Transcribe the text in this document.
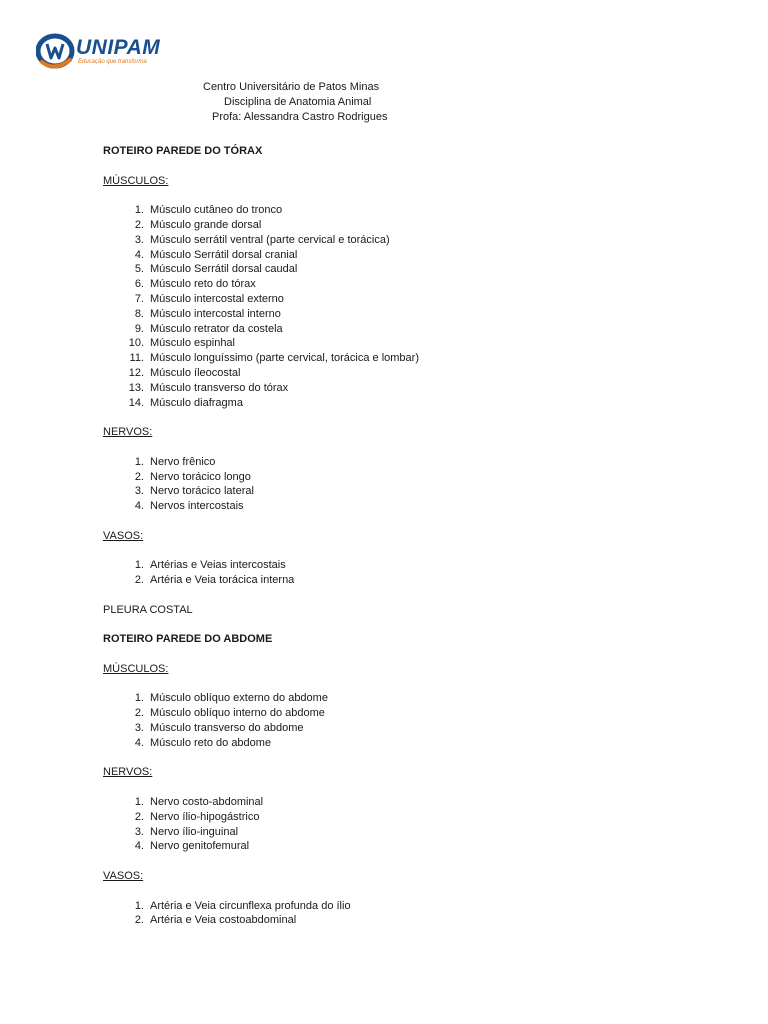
UNIPAM
Educação que transforma
Centro Universitário de Patos Minas
Disciplina de Anatomia Animal
Profa: Alessandra Castro Rodrigues
ROTEIRO PAREDE DO TÓRAX
MÚSCULOS:
1. Músculo cutâneo do tronco
2. Músculo grande dorsal
3. Músculo serrátil ventral (parte cervical e torácica)
4. Músculo Serrátil dorsal cranial
5. Músculo Serrátil dorsal caudal
6. Músculo reto do tórax
7. Músculo intercostal externo
8. Músculo intercostal interno
9. Músculo retrator da costela
10. Músculo espinhal
11. Músculo longuíssimo (parte cervical, torácica e lombar)
12. Músculo íleocostal
13. Músculo transverso do tórax
14. Músculo diafragma
NERVOS:
1. Nervo frênico
2. Nervo torácico longo
3. Nervo torácico lateral
4. Nervos intercostais
VASOS:
1. Artérias e Veias intercostais
2. Artéria e Veia torácica interna
PLEURA COSTAL
ROTEIRO PAREDE DO ABDOME
MÚSCULOS:
1. Músculo oblíquo externo do abdome
2. Músculo oblíquo interno do abdome
3. Músculo transverso do abdome
4. Músculo reto do abdome
NERVOS:
1. Nervo costo-abdominal
2. Nervo ílio-hipogástrico
3. Nervo ílio-inguinal
4. Nervo genitofemural
VASOS:
1. Artéria e Veia circunflexa profunda do ílio
2. Artéria e Veia costoabdominal
